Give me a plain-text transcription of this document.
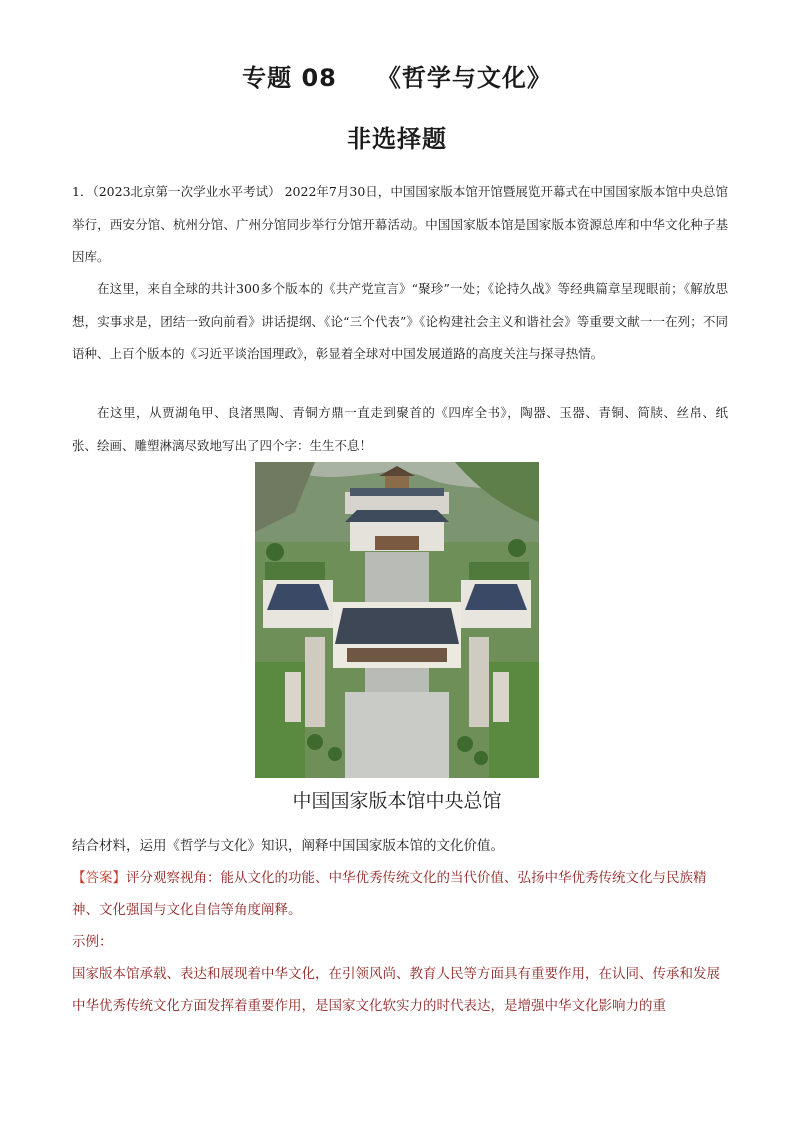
专题 08 《哲学与文化》
非选择题
1．（2023北京第一次学业水平考试） 2022年7月30日，中国国家版本馆开馆暨展览开幕式在中国国家版本馆中央总馆举行，西安分馆、杭州分馆、广州分馆同步举行分馆开幕活动。中国国家版本馆是国家版本资源总库和中华文化种子基因库。
在这里，来自全球的共计300多个版本的《共产党宣言》“聚珍”一处；《论持久战》等经典篇章呈现眼前；《解放思想，实事求是，团结一致向前看》讲话提纲、《论“三个代表”》《论构建社会主义和谐社会》等重要文献一一在列；不同语种、上百个版本的《习近平谈治国理政》，彰显着全球对中国发展道路的高度关注与探寻热情。
在这里，从贾湖龟甲、良渚黑陶、青铜方鼎一直走到聚首的《四库全书》，陶器、玉器、青铜、简牍、丝帛、纸张、绘画、雕塑淋漓尽致地写出了四个字：生生不息！
中国国家版本馆中央总馆
结合材料，运用《哲学与文化》知识，阐释中国国家版本馆的文化价值。
【答案】评分观察视角：能从文化的功能、中华优秀传统文化的当代价值、弘扬中华优秀传统文化与民族精神、文化强国与文化自信等角度阐释。
示例：
国家版本馆承载、表达和展现着中华文化，在引领风尚、教育人民等方面具有重要作用，在认同、传承和发展中华优秀传统文化方面发挥着重要作用，是国家文化软实力的时代表达，是增强中华文化影响力的重
